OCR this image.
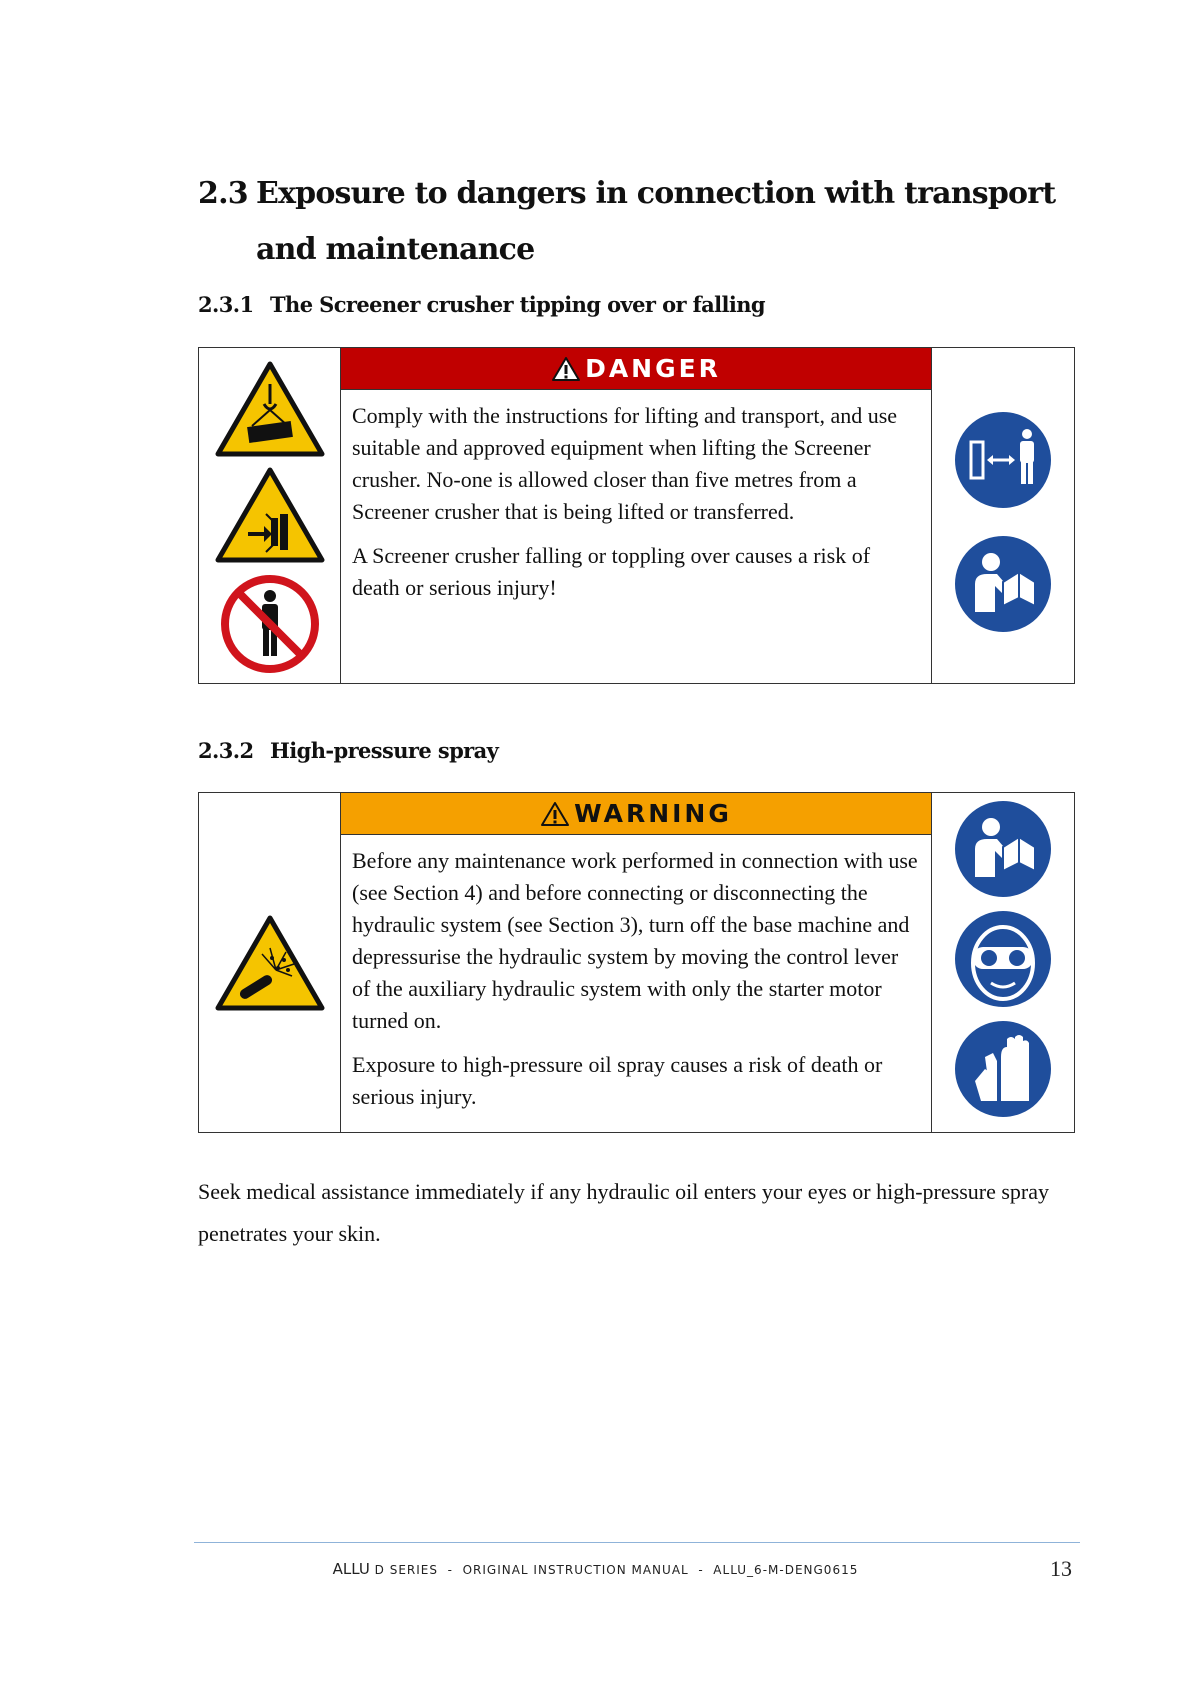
2.3 Exposure to dangers in connection with transport and maintenance
2.3.1 The Screener crusher tipping over or falling

DANGER

Comply with the instructions for lifting and transport, and use suitable and approved equipment when lifting the Screener crusher. No-one is allowed closer than five metres from a Screener crusher that is being lifted or transferred.

A Screener crusher falling or toppling over causes a risk of death or serious injury!

2.3.2 High-pressure spray

WARNING

Before any maintenance work performed in connection with use (see Section 4) and before connecting or disconnecting the hydraulic system (see Section 3), turn off the base machine and depressurise the hydraulic system by moving the control lever of the auxiliary hydraulic system with only the starter motor turned on.

Exposure to high-pressure oil spray causes a risk of death or serious injury.

Seek medical assistance immediately if any hydraulic oil enters your eyes or high-pressure spray penetrates your skin.
ALLU D SERIES  -  ORIGINAL INSTRUCTION MANUAL  -  ALLU_6-M-DENG0615	13
